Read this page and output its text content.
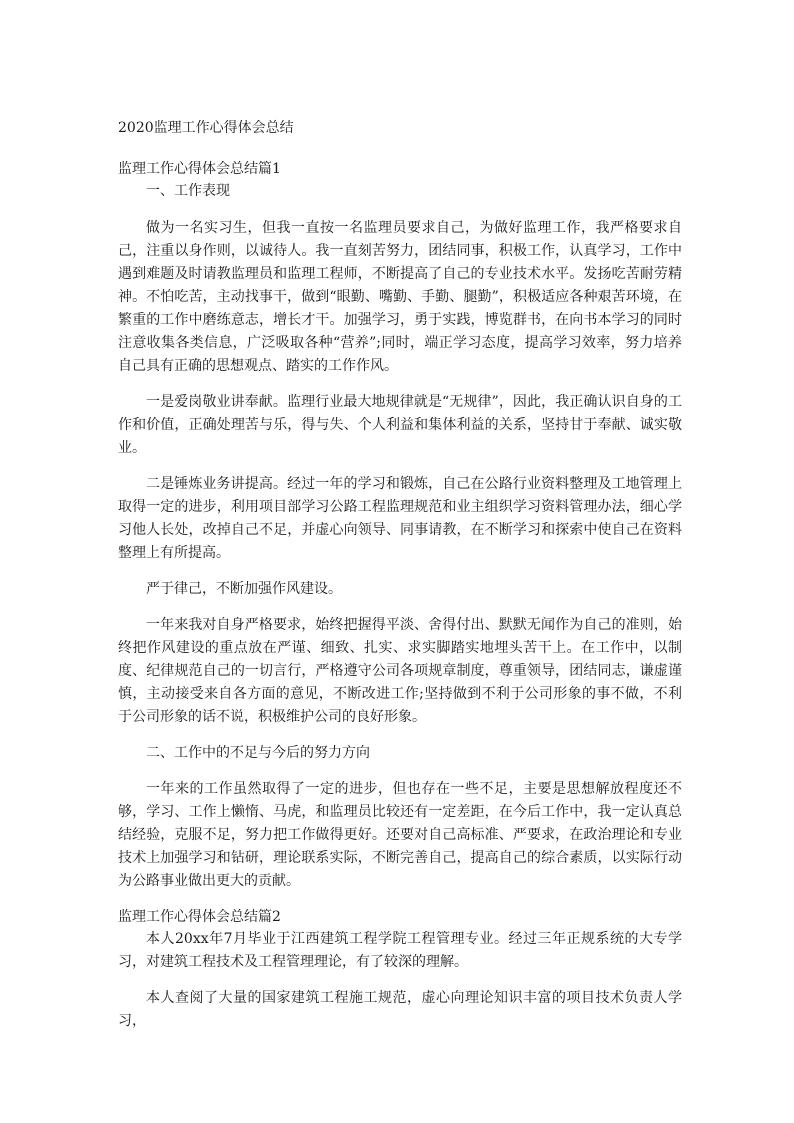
2020监理工作心得体会总结
监理工作心得体会总结篇1

一、工作表现

做为一名实习生，但我一直按一名监理员要求自己，为做好监理工作，我严格要求自己，注重以身作则，以诚待人。我一直刻苦努力，团结同事，积极工作，认真学习，工作中遇到难题及时请教监理员和监理工程师，不断提高了自己的专业技术水平。发扬吃苦耐劳精神。不怕吃苦，主动找事干，做到“眼勤、嘴勤、手勤、腿勤”，积极适应各种艰苦环境，在繁重的工作中磨练意志，增长才干。加强学习，勇于实践，博览群书，在向书本学习的同时注意收集各类信息，广泛吸取各种“营养”;同时，端正学习态度，提高学习效率，努力培养自己具有正确的思想观点、踏实的工作作风。

一是爱岗敬业讲奉献。监理行业最大地规律就是“无规律”，因此，我正确认识自身的工作和价值，正确处理苦与乐，得与失、个人利益和集体利益的关系，坚持甘于奉献、诚实敬业。

二是锤炼业务讲提高。经过一年的学习和锻炼，自己在公路行业资料整理及工地管理上取得一定的进步，利用项目部学习公路工程监理规范和业主组织学习资料管理办法，细心学习他人长处，改掉自己不足，并虚心向领导、同事请教，在不断学习和探索中使自己在资料整理上有所提高。

严于律己，不断加强作风建设。

一年来我对自身严格要求，始终把握得平淡、舍得付出、默默无闻作为自己的准则，始终把作风建设的重点放在严谨、细致、扎实、求实脚踏实地埋头苦干上。在工作中，以制度、纪律规范自己的一切言行，严格遵守公司各项规章制度，尊重领导，团结同志，谦虚谨慎，主动接受来自各方面的意见，不断改进工作;坚持做到不利于公司形象的事不做，不利于公司形象的话不说，积极维护公司的良好形象。

二、工作中的不足与今后的努力方向

一年来的工作虽然取得了一定的进步，但也存在一些不足，主要是思想解放程度还不够，学习、工作上懒惰、马虎，和监理员比较还有一定差距，在今后工作中，我一定认真总结经验，克服不足，努力把工作做得更好。还要对自己高标准、严要求，在政治理论和专业技术上加强学习和钻研，理论联系实际，不断完善自己，提高自己的综合素质，以实际行动为公路事业做出更大的贡献。

监理工作心得体会总结篇2

本人20xx年7月毕业于江西建筑工程学院工程管理专业。经过三年正规系统的大专学习，对建筑工程技术及工程管理理论，有了较深的理解。

本人查阅了大量的国家建筑工程施工规范，虚心向理论知识丰富的项目技术负责人学习，
